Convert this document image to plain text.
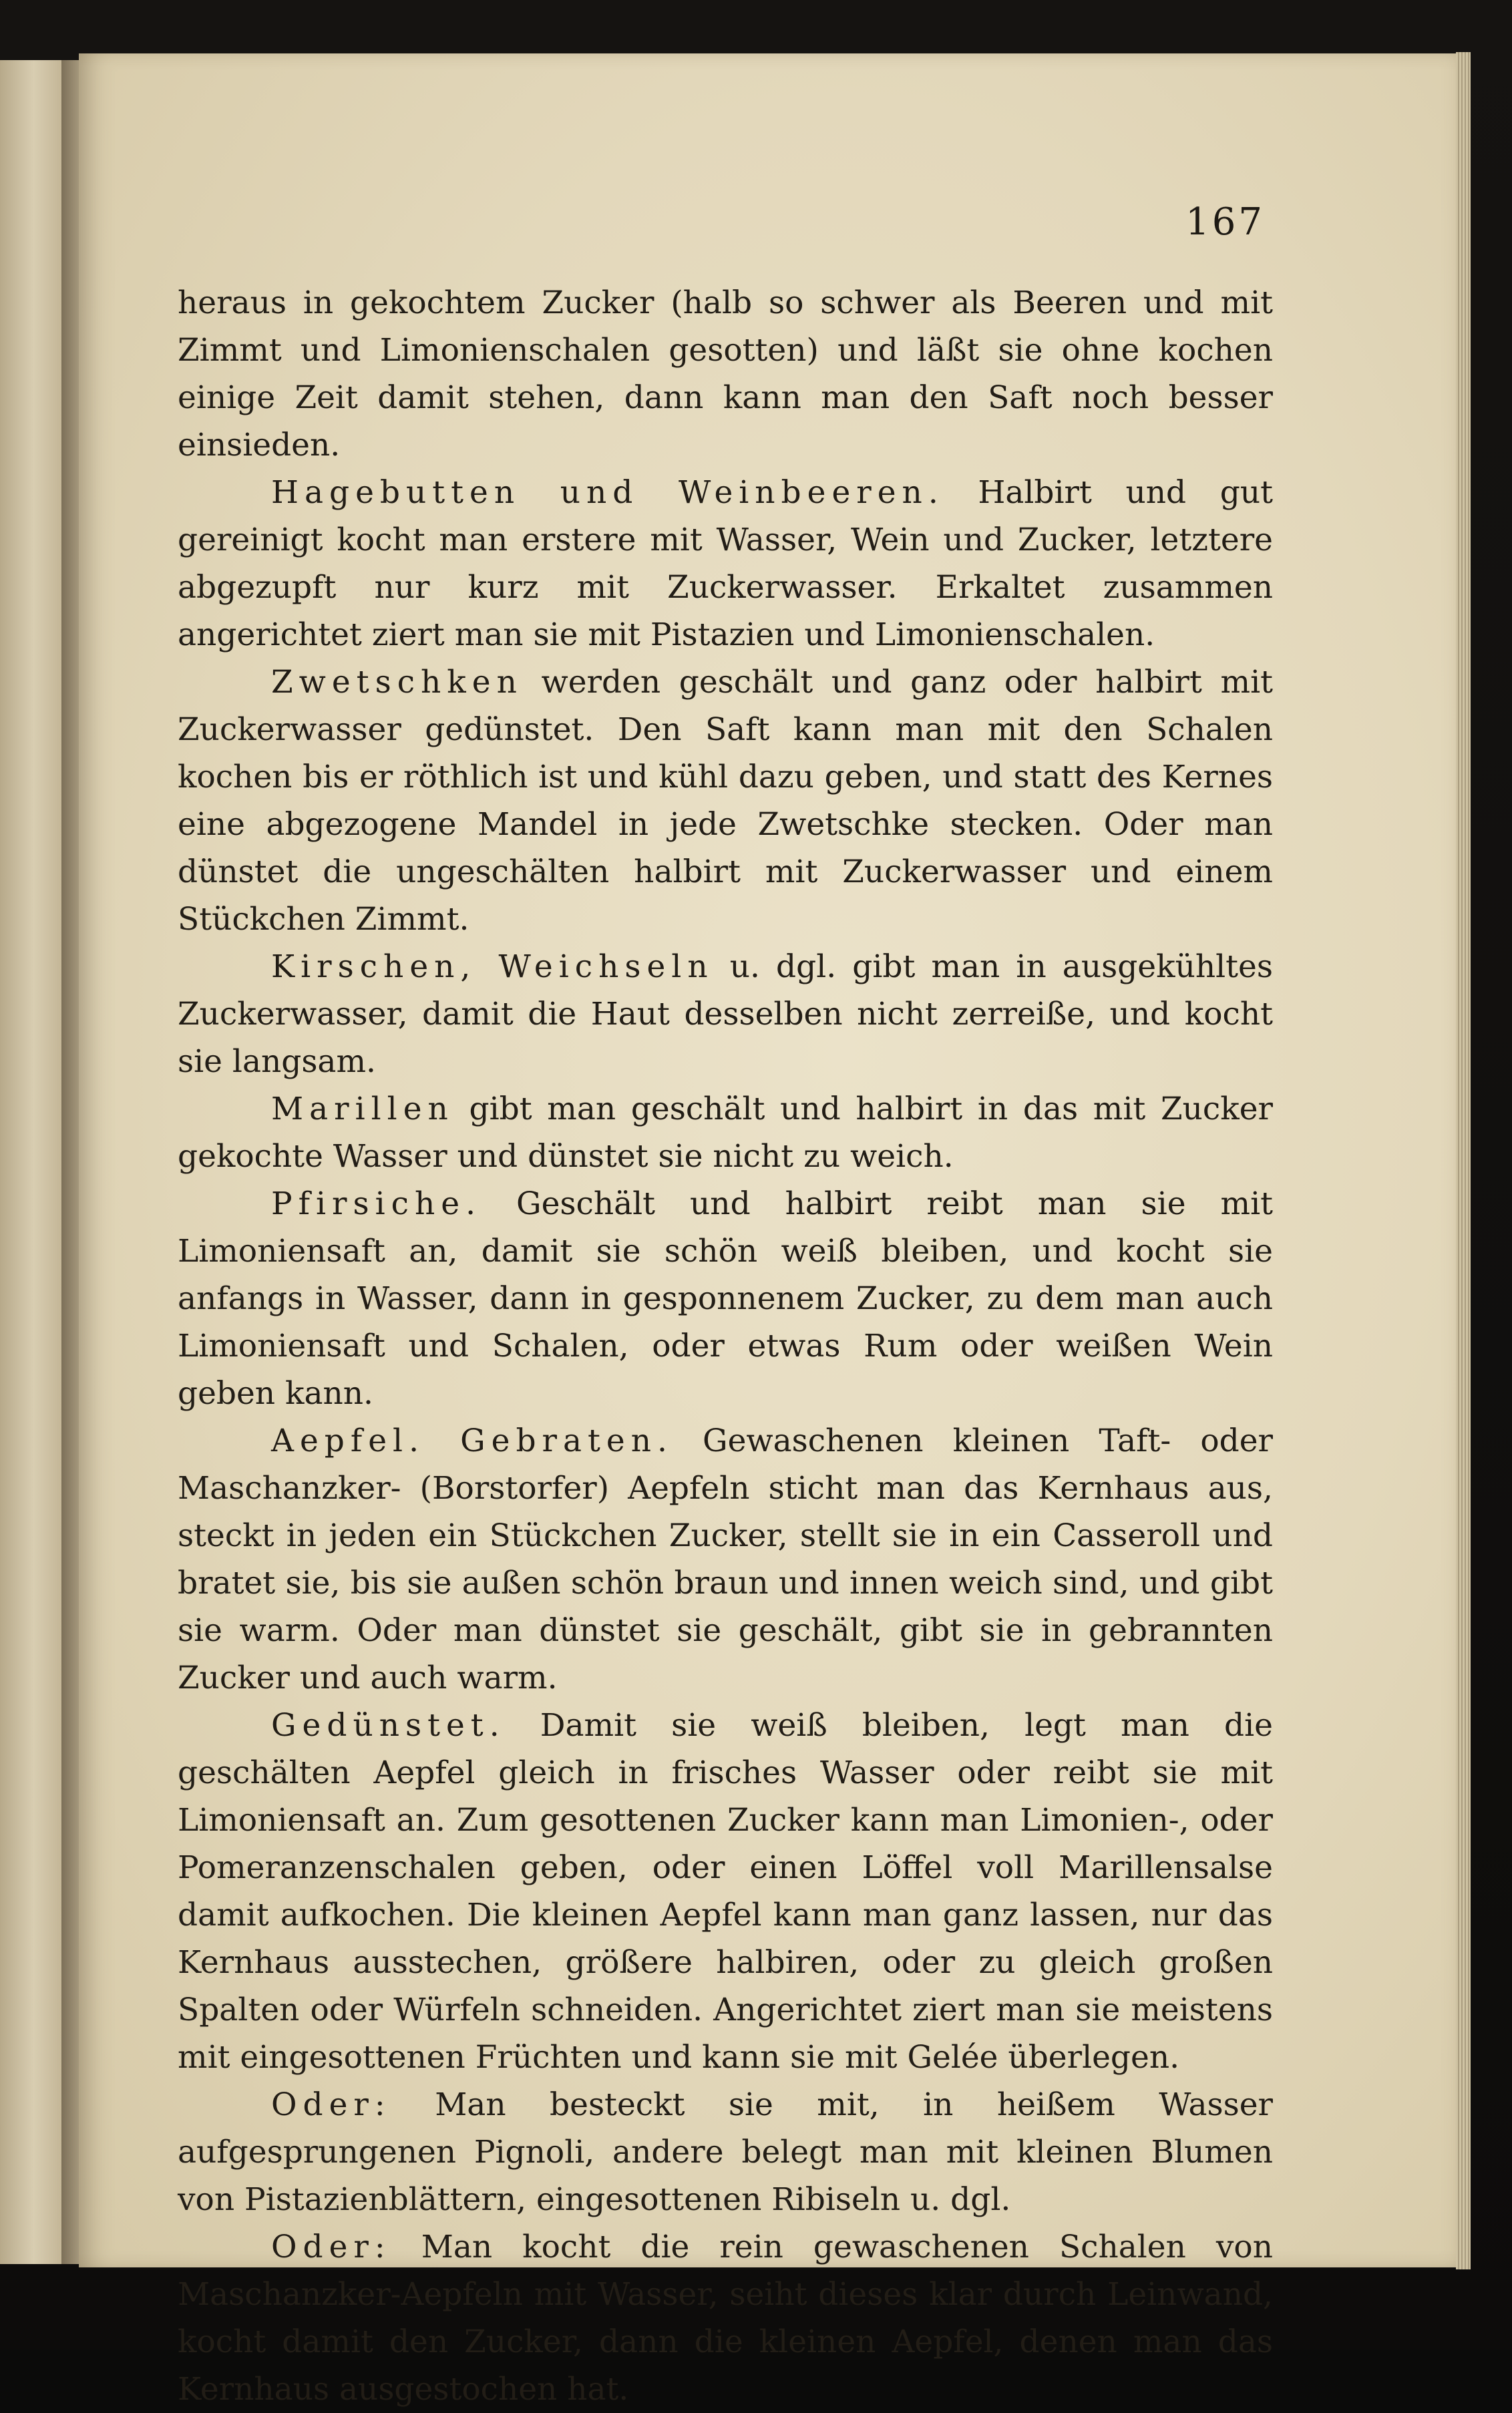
167

heraus in gekochtem Zucker (halb so schwer als Beeren und mit Zimmt und Limonienschalen gesotten) und läßt sie ohne kochen einige Zeit damit stehen, dann kann man den Saft noch besser einsieden.

Hagebutten und Weinbeeren. Halbirt und gut gereinigt kocht man erstere mit Wasser, Wein und Zucker, letztere abgezupft nur kurz mit Zuckerwasser. Erkaltet zusammen angerichtet ziert man sie mit Pistazien und Limonienschalen.

Zwetschken werden geschält und ganz oder halbirt mit Zuckerwasser gedünstet. Den Saft kann man mit den Schalen kochen bis er röthlich ist und kühl dazu geben, und statt des Kernes eine abgezogene Mandel in jede Zwetschke stecken. Oder man dünstet die ungeschälten halbirt mit Zuckerwasser und einem Stückchen Zimmt.

Kirschen, Weichseln u. dgl. gibt man in ausgekühltes Zuckerwasser, damit die Haut desselben nicht zerreiße, und kocht sie langsam.

Marillen gibt man geschält und halbirt in das mit Zucker gekochte Wasser und dünstet sie nicht zu weich.

Pfirsiche. Geschält und halbirt reibt man sie mit Limoniensaft an, damit sie schön weiß bleiben, und kocht sie anfangs in Wasser, dann in gesponnenem Zucker, zu dem man auch Limoniensaft und Schalen, oder etwas Rum oder weißen Wein geben kann.

Aepfel. Gebraten. Gewaschenen kleinen Taft- oder Maschanzker- (Borstorfer) Aepfeln sticht man das Kernhaus aus, steckt in jeden ein Stückchen Zucker, stellt sie in ein Casseroll und bratet sie, bis sie außen schön braun und innen weich sind, und gibt sie warm. Oder man dünstet sie geschält, gibt sie in gebrannten Zucker und auch warm.

Gedünstet. Damit sie weiß bleiben, legt man die geschälten Aepfel gleich in frisches Wasser oder reibt sie mit Limoniensaft an. Zum gesottenen Zucker kann man Limonien-, oder Pomeranzenschalen geben, oder einen Löffel voll Marillensalse damit aufkochen. Die kleinen Aepfel kann man ganz lassen, nur das Kernhaus ausstechen, größere halbiren, oder zu gleich großen Spalten oder Würfeln schneiden. Angerichtet ziert man sie meistens mit eingesottenen Früchten und kann sie mit Gelée überlegen.

Oder: Man besteckt sie mit, in heißem Wasser aufgesprungenen Pignoli, andere belegt man mit kleinen Blumen von Pistazienblättern, eingesottenen Ribiseln u. dgl.

Oder: Man kocht die rein gewaschenen Schalen von Maschanzker-Aepfeln mit Wasser, seiht dieses klar durch Leinwand, kocht damit den Zucker, dann die kleinen Aepfel, denen man das Kernhaus ausgestochen hat.
